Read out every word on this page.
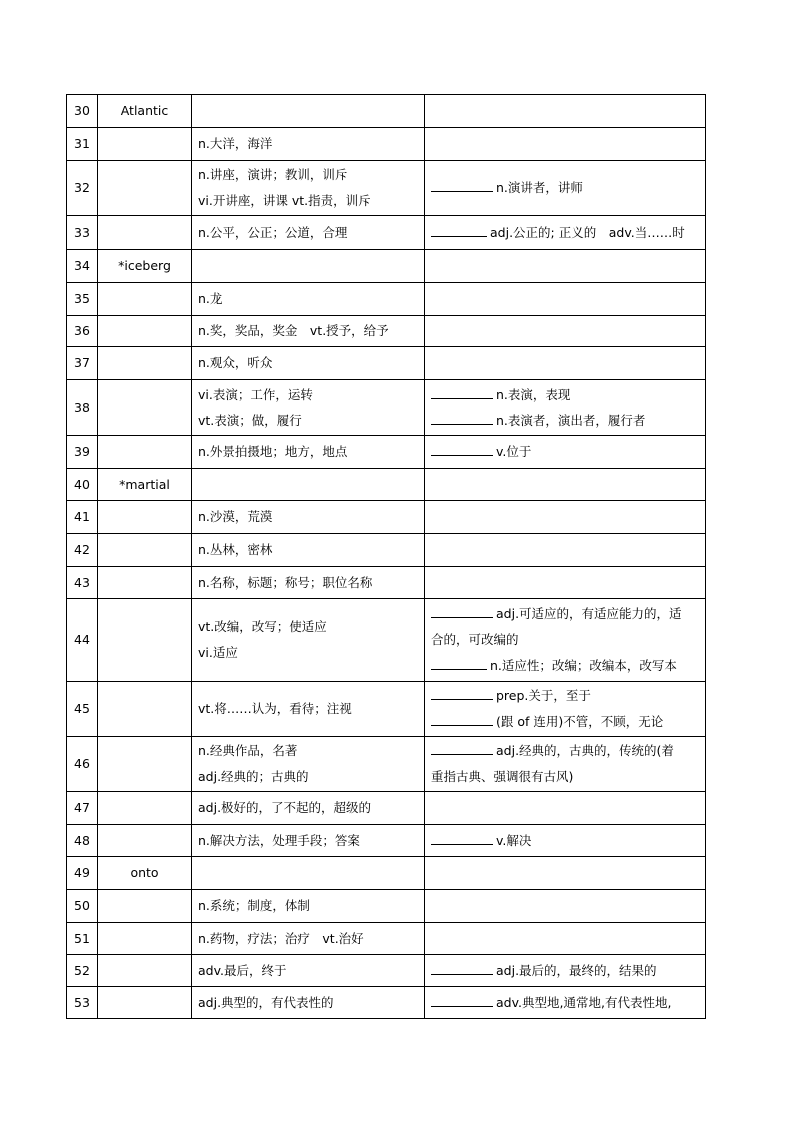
30	Atlantic		
31		n.大洋，海洋	

32		n.讲座，演讲；教训，训斥
vi.开讲座，讲课 vt.指责，训斥	n.演讲者，讲师

33		n.公平，公正；公道，合理	adj.公正的; 正义的　adv.当……时

34	*iceberg		
35		n.龙	

36		n.奖，奖品，奖金　vt.授予，给予	

37		n.观众，听众	

38		vi.表演；工作，运转
vt.表演；做，履行	n.表演，表现
n.表演者，演出者，履行者

39		n.外景拍摄地；地方，地点	v.位于

40	*martial		
41		n.沙漠，荒漠	

42		n.丛林，密林	

43		n.名称，标题；称号；职位名称	

44		vt.改编，改写；使适应
vi.适应	adj.可适应的，有适应能力的，适
合的，可改编的
n.适应性；改编；改编本，改写本

45		vt.将……认为，看待；注视	prep.关于，至于
(跟 of 连用)不管，不顾，无论

46		n.经典作品，名著
adj.经典的；古典的	adj.经典的，古典的，传统的(着
重指古典、强调很有古风)

47		adj.极好的，了不起的，超级的	

48		n.解决方法，处理手段；答案	v.解决

49	onto		
50		n.系统；制度，体制	

51		n.药物，疗法；治疗　vt.治好	

52		adv.最后，终于	adj.最后的，最终的，结果的

53		adj.典型的，有代表性的	adv.典型地,通常地,有代表性地,
